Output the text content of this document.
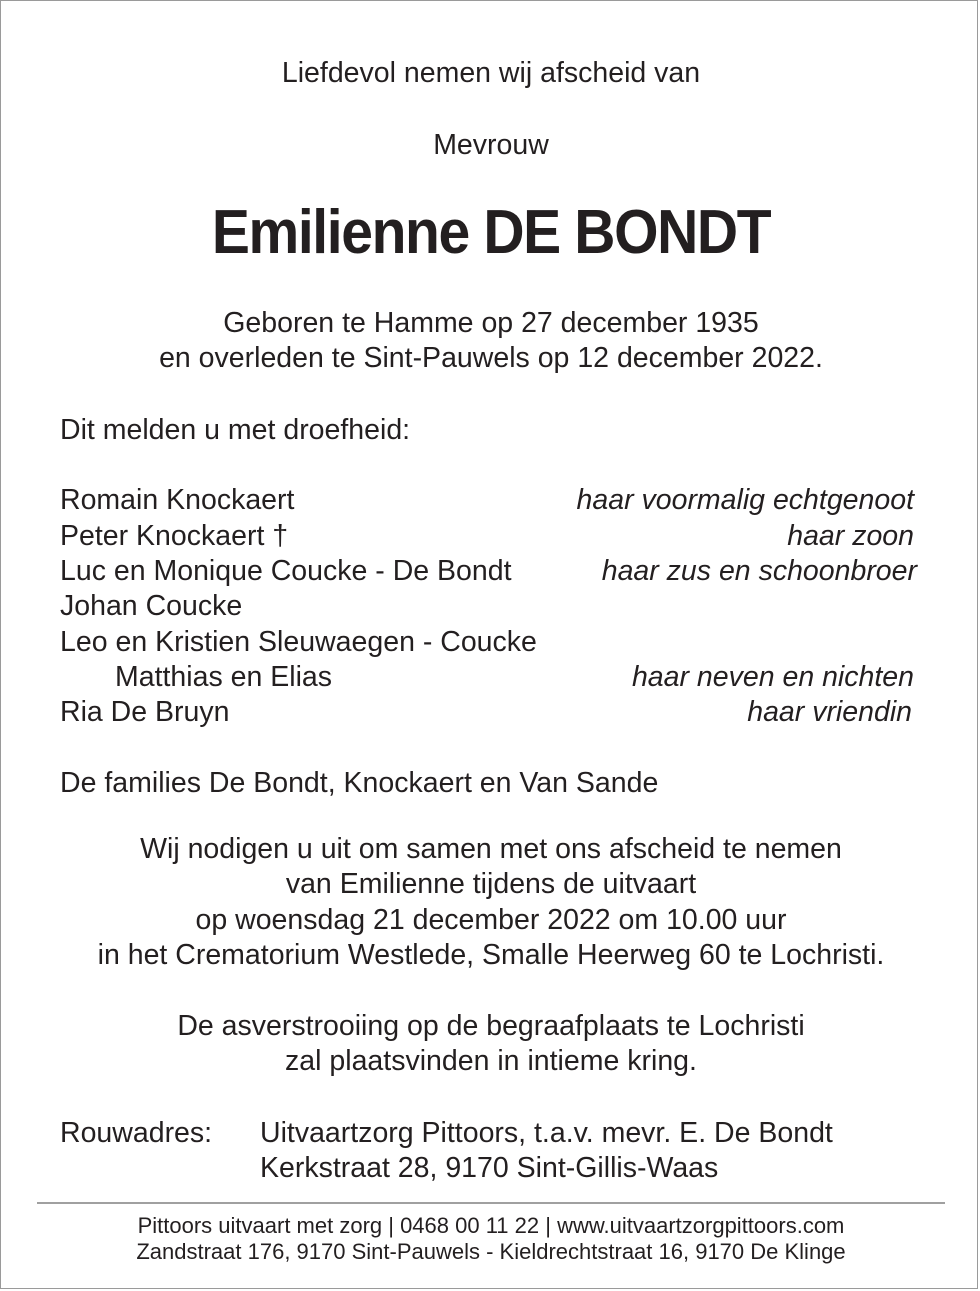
Liefdevol nemen wij afscheid van
Mevrouw
Emilienne DE BONDT
Geboren te Hamme op 27 december 1935
en overleden te Sint-Pauwels op 12 december 2022.
Dit melden u met droefheid:
Romain Knockaert	haar voormalig echtgenoot
Peter Knockaert †	haar zoon
Luc en Monique Coucke - De Bondt	haar zus en schoonbroer
Johan Coucke
Leo en Kristien Sleuwaegen - Coucke
Matthias en Elias	haar neven en nichten
Ria De Bruyn	haar vriendin
De families De Bondt, Knockaert en Van Sande
Wij nodigen u uit om samen met ons afscheid te nemen
van Emilienne tijdens de uitvaart
op woensdag 21 december 2022 om 10.00 uur
in het Crematorium Westlede, Smalle Heerweg 60 te Lochristi.
De asverstrooiing op de begraafplaats te Lochristi
zal plaatsvinden in intieme kring.
Rouwadres: Uitvaartzorg Pittoors, t.a.v. mevr. E. De Bondt
Kerkstraat 28, 9170 Sint-Gillis-Waas
Pittoors uitvaart met zorg | 0468 00 11 22 | www.uitvaartzorgpittoors.com
Zandstraat 176, 9170 Sint-Pauwels - Kieldrechtstraat 16, 9170 De Klinge
